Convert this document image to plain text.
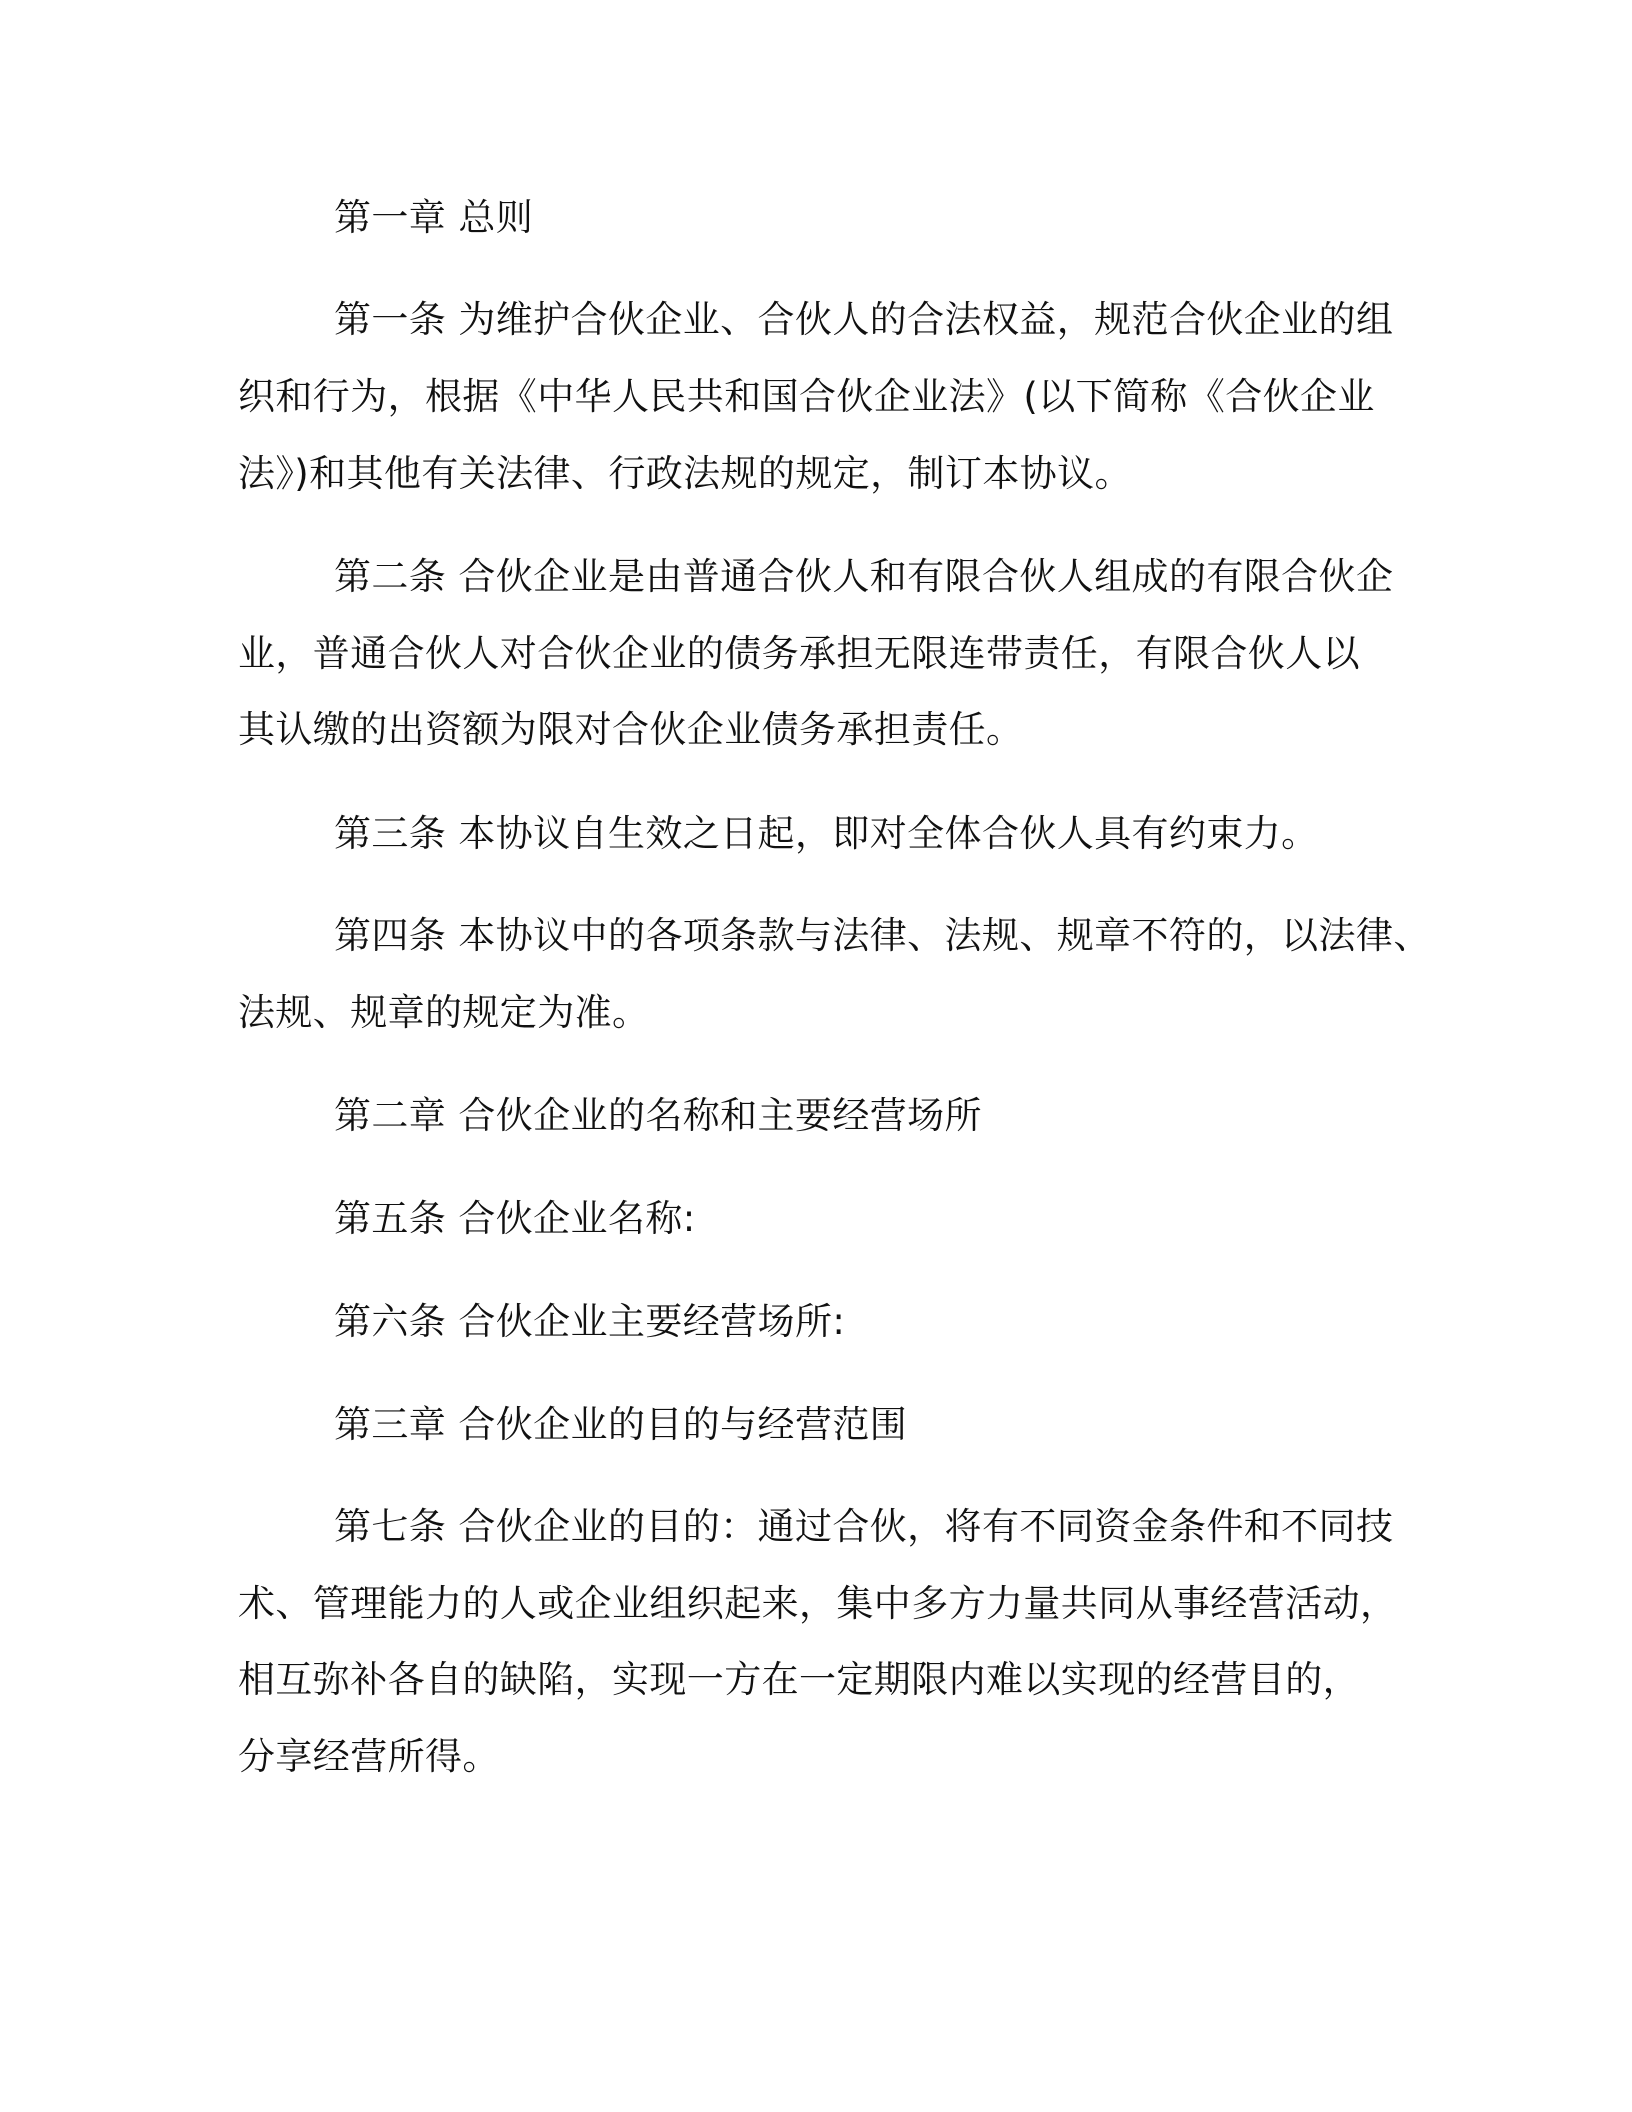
第一章 总则
第一条 为维护合伙企业、合伙人的合法权益，规范合伙企业的组
织和行为，根据《中华人民共和国合伙企业法》(以下简称《合伙企业
法》)和其他有关法律、行政法规的规定，制订本协议。
第二条 合伙企业是由普通合伙人和有限合伙人组成的有限合伙企
业，普通合伙人对合伙企业的债务承担无限连带责任，有限合伙人以
其认缴的出资额为限对合伙企业债务承担责任。
第三条 本协议自生效之日起，即对全体合伙人具有约束力。
第四条 本协议中的各项条款与法律、法规、规章不符的，以法律、
法规、规章的规定为准。
第二章 合伙企业的名称和主要经营场所
第五条 合伙企业名称:
第六条 合伙企业主要经营场所:
第三章 合伙企业的目的与经营范围
第七条 合伙企业的目的：通过合伙，将有不同资金条件和不同技
术、管理能力的人或企业组织起来，集中多方力量共同从事经营活动，
相互弥补各自的缺陷，实现一方在一定期限内难以实现的经营目的，
分享经营所得。
